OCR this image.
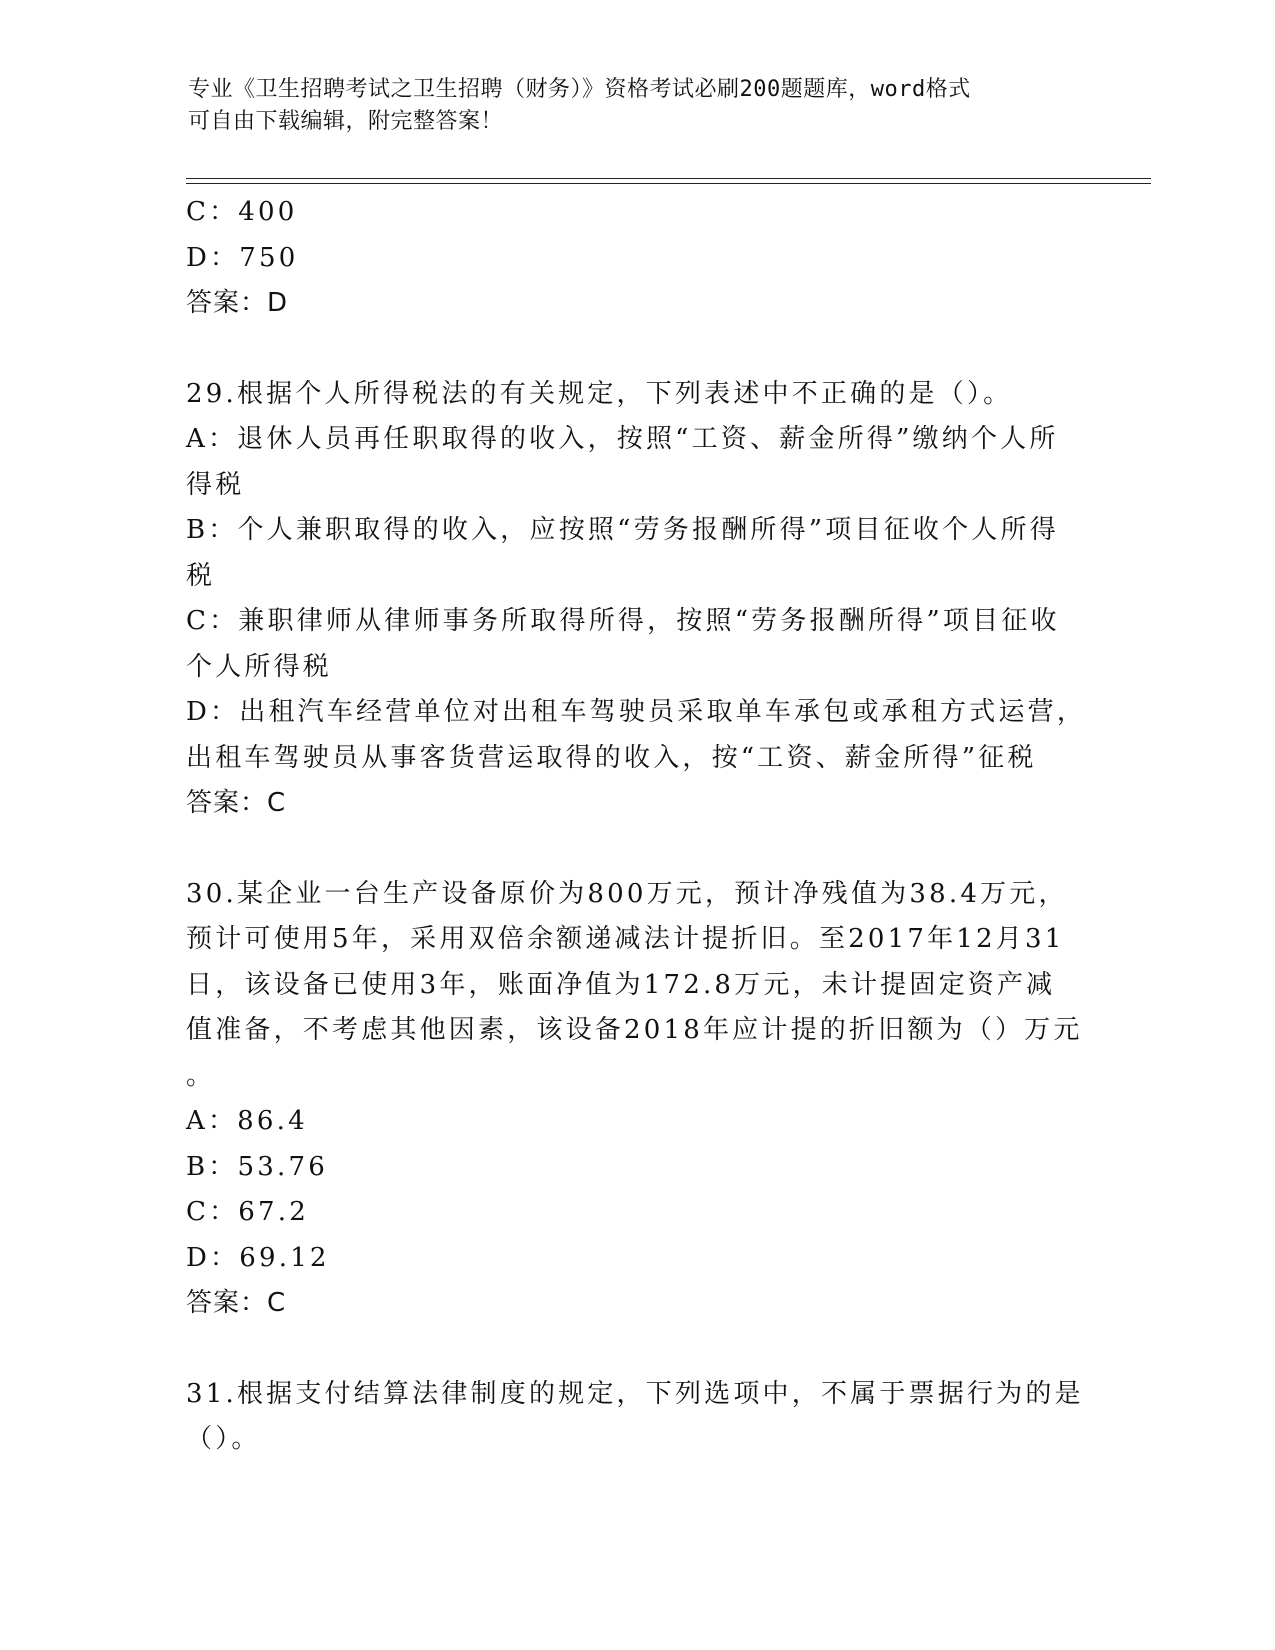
专业《卫生招聘考试之卫生招聘（财务）》资格考试必刷200题题库，word格式
可自由下载编辑，附完整答案！
C：400
D：750
答案：D
29.根据个人所得税法的有关规定，下列表述中不正确的是（）。
A：退休人员再任职取得的收入，按照“工资、薪金所得”缴纳个人所
得税
B：个人兼职取得的收入，应按照“劳务报酬所得”项目征收个人所得
税
C：兼职律师从律师事务所取得所得，按照“劳务报酬所得”项目征收
个人所得税
D：出租汽车经营单位对出租车驾驶员采取单车承包或承租方式运营，
出租车驾驶员从事客货营运取得的收入，按“工资、薪金所得”征税
答案：C
30.某企业一台生产设备原价为800万元，预计净残值为38.4万元，
预计可使用5年，采用双倍余额递减法计提折旧。至2017年12月31
日，该设备已使用3年，账面净值为172.8万元，未计提固定资产减
值准备，不考虑其他因素，该设备2018年应计提的折旧额为（）万元
。
A：86.4
B：53.76
C：67.2
D：69.12
答案：C
31.根据支付结算法律制度的规定，下列选项中，不属于票据行为的是
（）。
